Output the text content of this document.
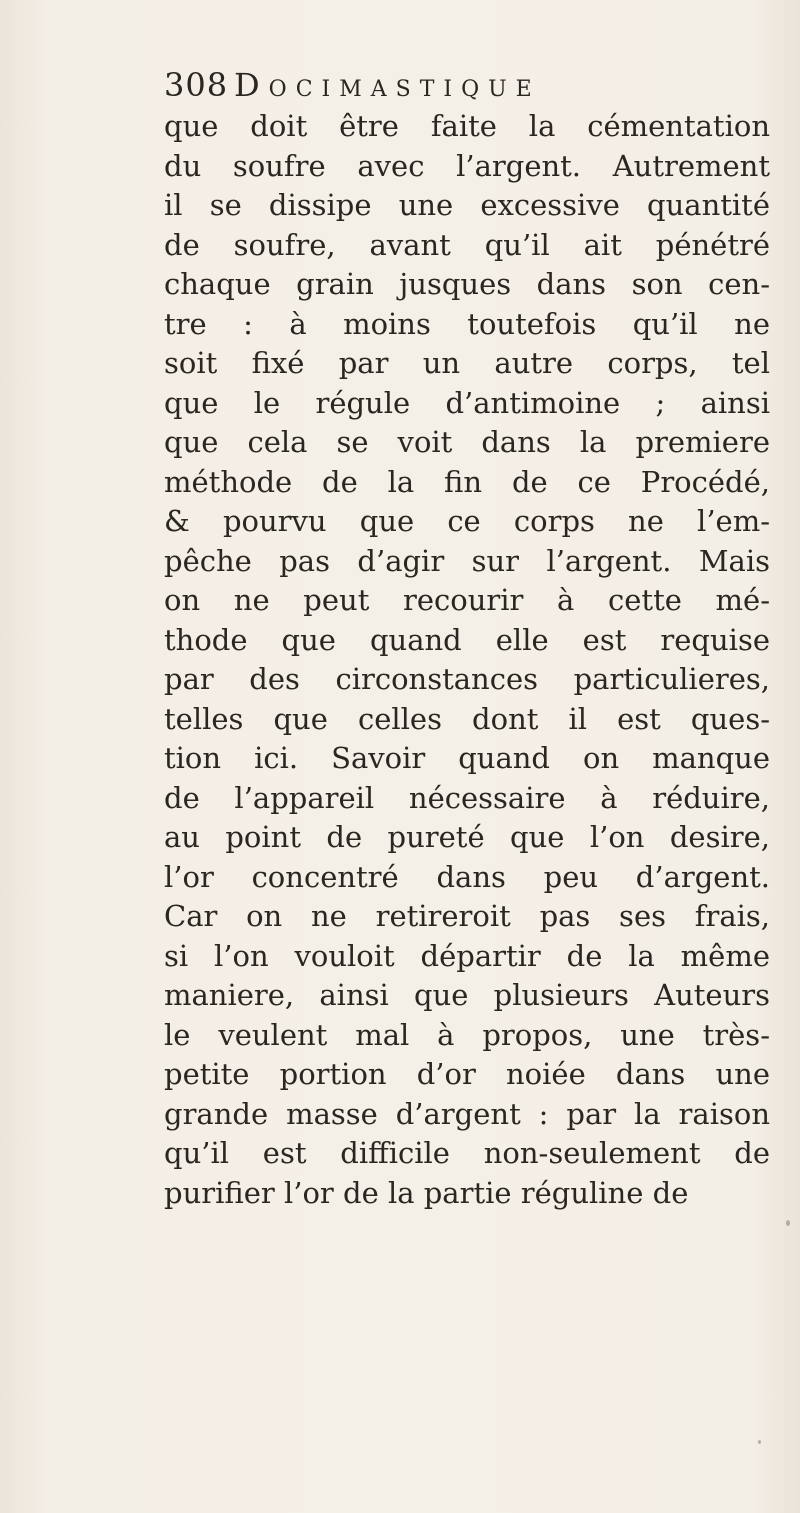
308 Docimastique
que doit être faite la cémentation
du soufre avec l’argent. Autrement
il se dissipe une excessive quantité
de soufre, avant qu’il ait pénétré
chaque grain jusques dans son cen-
tre : à moins toutefois qu’il ne
soit fixé par un autre corps, tel
que le régule d’antimoine ; ainsi
que cela se voit dans la premiere
méthode de la fin de ce Procédé,
& pourvu que ce corps ne l’em-
pêche pas d’agir sur l’argent. Mais
on ne peut recourir à cette mé-
thode que quand elle est requise
par des circonstances particulieres,
telles que celles dont il est ques-
tion ici. Savoir quand on manque
de l’appareil nécessaire à réduire,
au point de pureté que l’on desire,
l’or concentré dans peu d’argent.
Car on ne retireroit pas ses frais,
si l’on vouloit départir de la même
maniere, ainsi que plusieurs Auteurs
le veulent mal à propos, une très-
petite portion d’or noiée dans une
grande masse d’argent : par la raison
qu’il est difficile non-seulement de
purifier l’or de la partie réguline de
